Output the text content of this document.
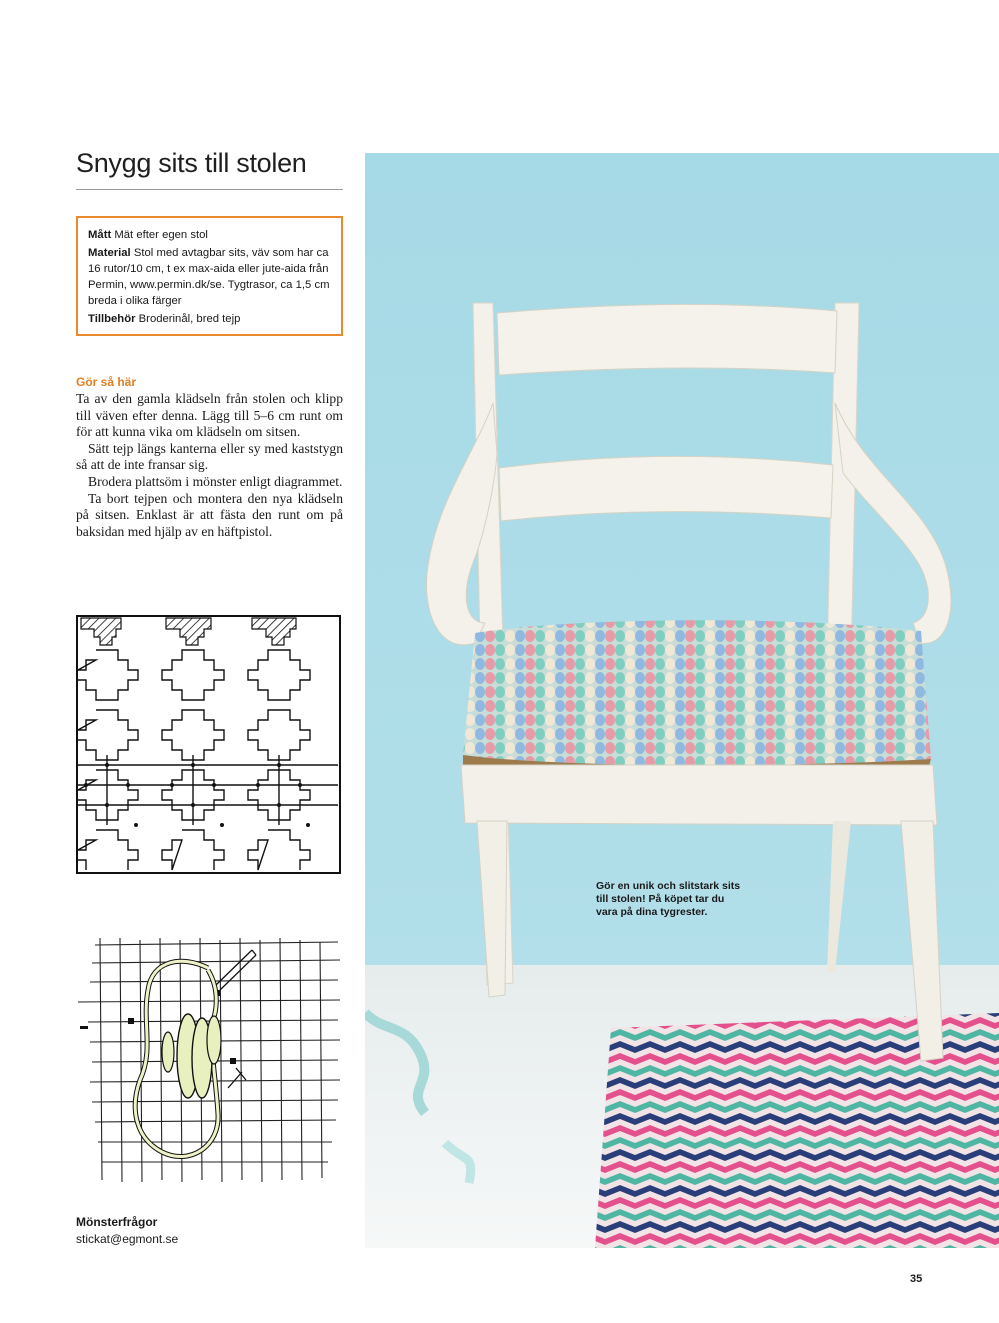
Snygg sits till stolen

Mått Mät efter egen stol

Material Stol med avtagbar sits, väv som har ca 16 rutor/10 cm, t ex max-aida eller jute-aida från Permin, www.permin.dk/se. Tygtrasor, ca 1,5 cm breda i olika färger

Tillbehör Broderinål, bred tejp

Gör så här

Ta av den gamla klädseln från stolen och klipp till väven efter denna. Lägg till 5–6 cm runt om för att kunna vika om klädseln om sitsen.

Sätt tejp längs kanterna eller sy med kaststygn så att de inte fransar sig.

Brodera plattsöm i mönster enligt diagrammet.

Ta bort tejpen och montera den nya klädseln på sitsen. Enklast är att fästa den runt om på baksidan med hjälp av en häftpistol.

Mönsterfrågor
stickat@egmont.se
Gör en unik och slitstark sits till stolen! På köpet tar du vara på dina tygrester.
35
